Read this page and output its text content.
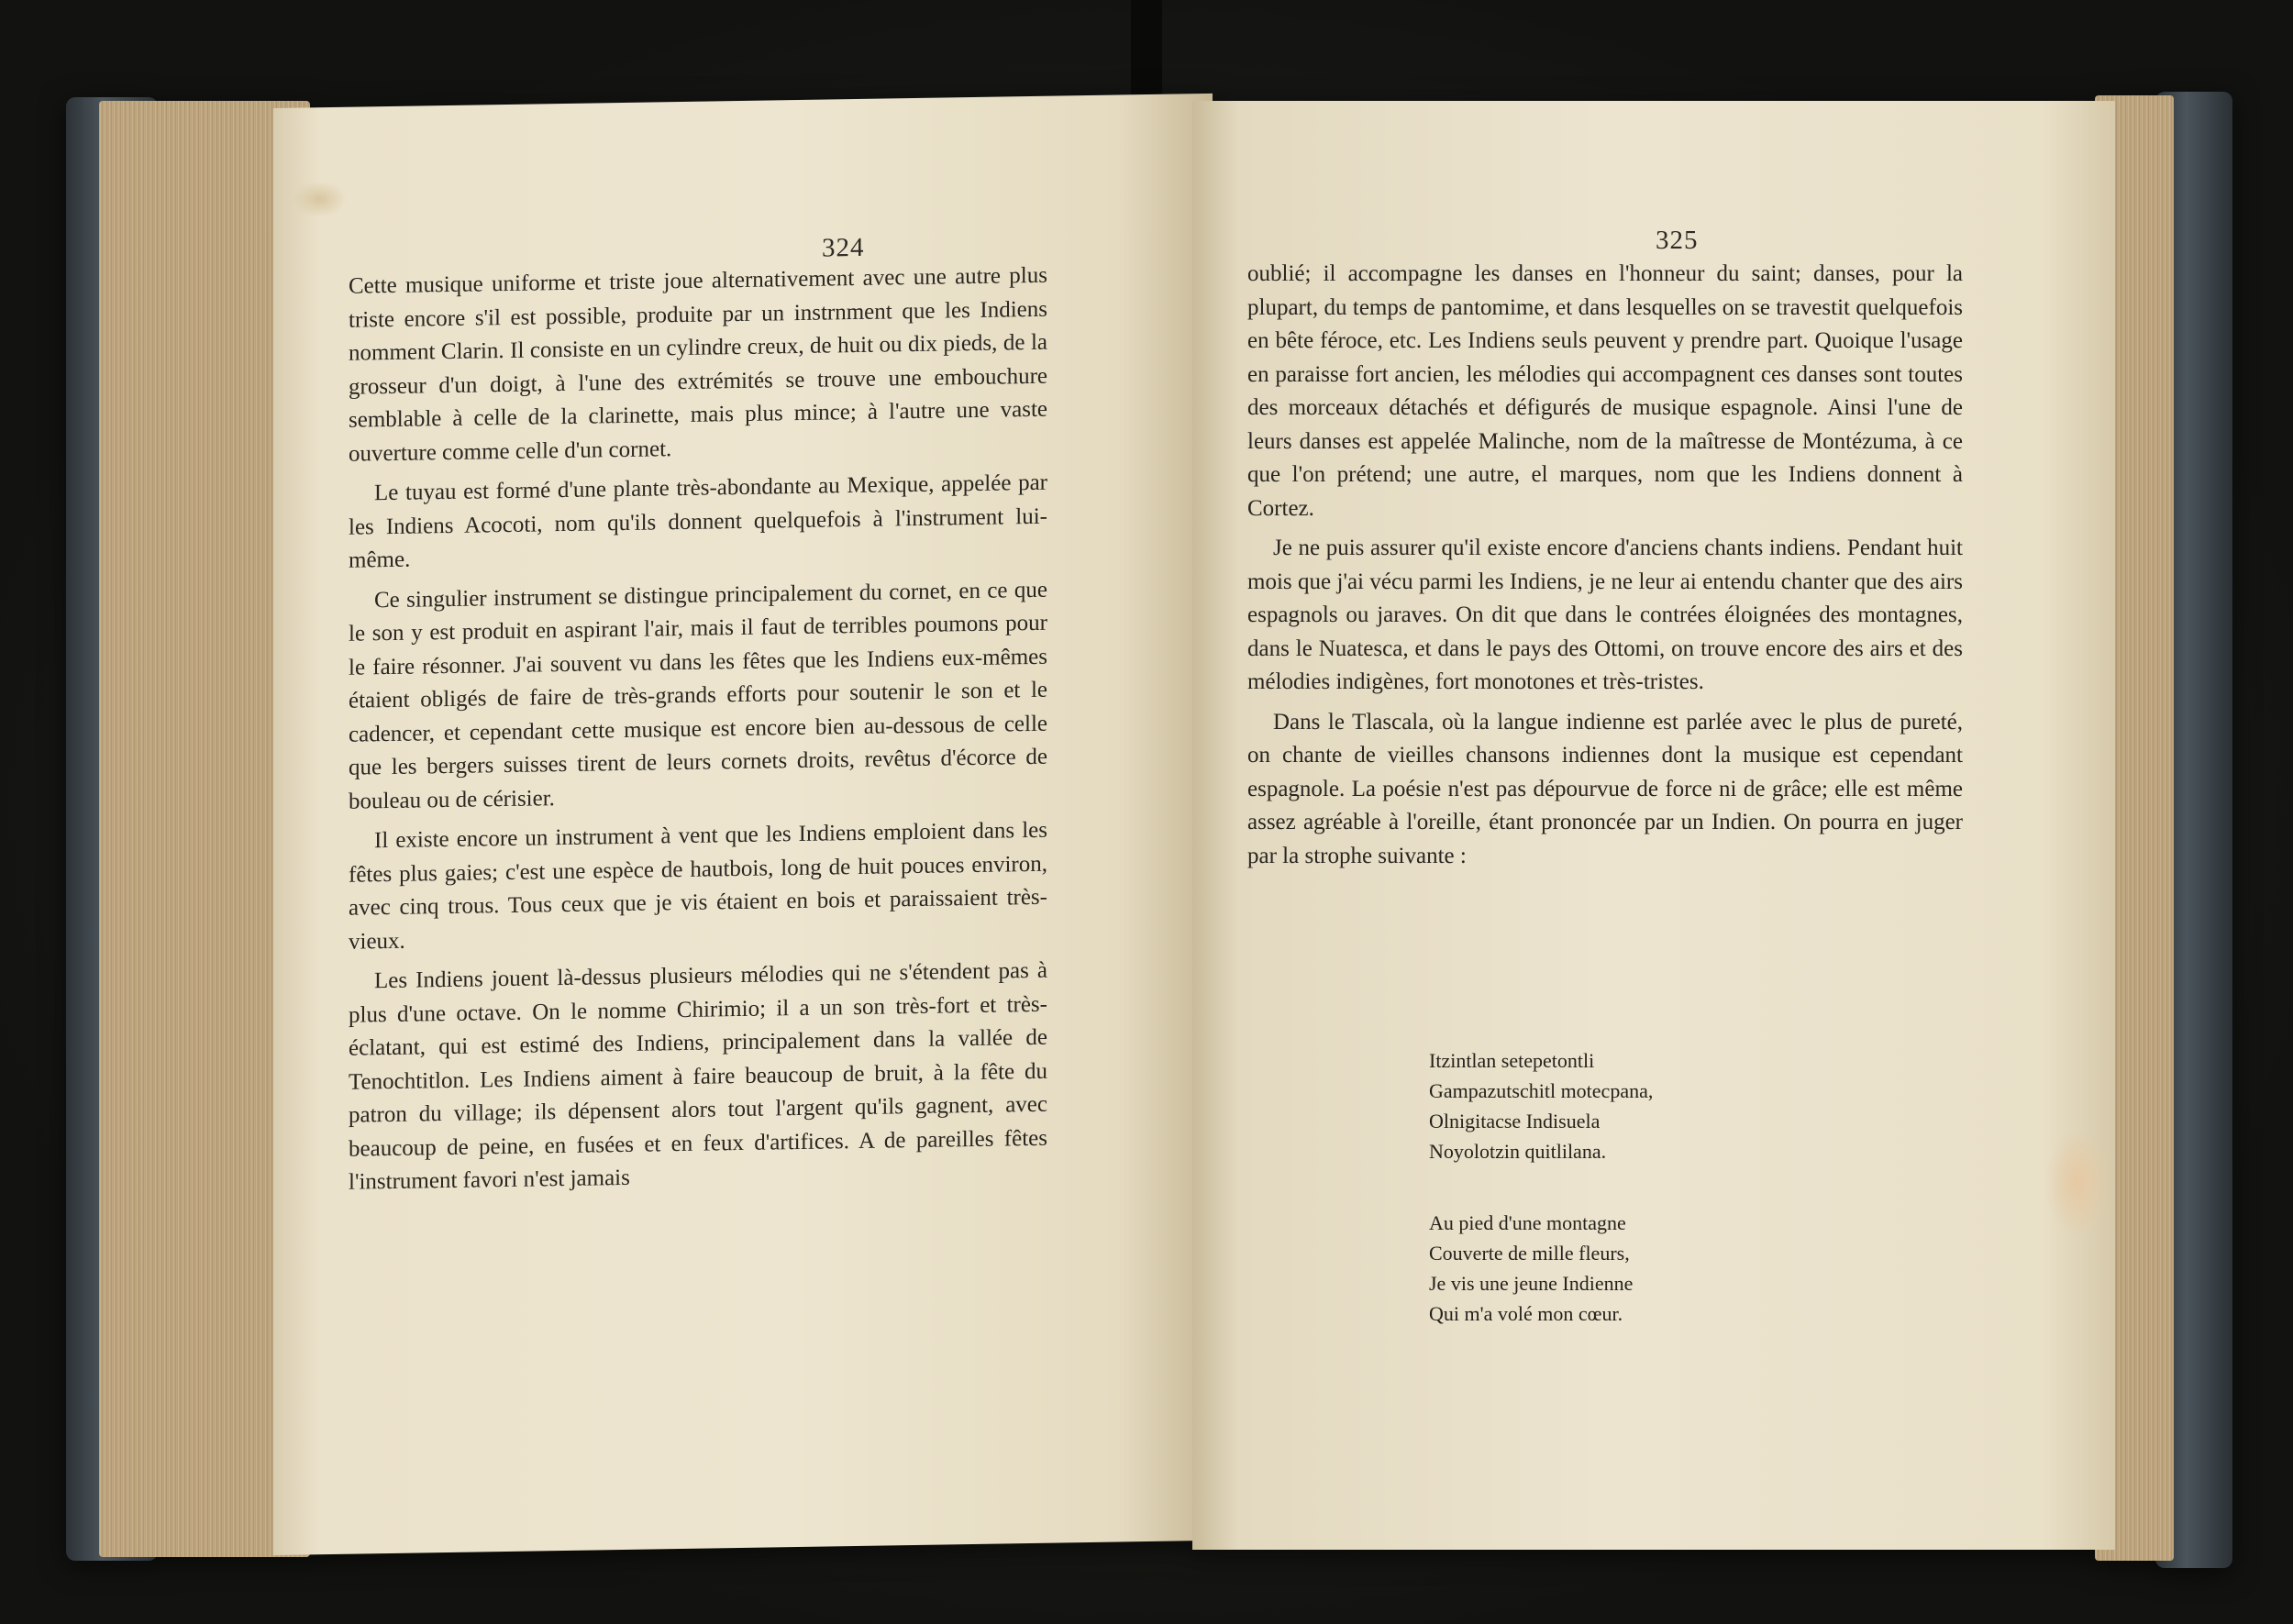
324

Cette musique uniforme et triste joue alternativement avec une autre plus triste encore s'il est possible, produite par un instrnment que les Indiens nomment Clarin. Il consiste en un cylindre creux, de huit ou dix pieds, de la grosseur d'un doigt, à l'une des extrémités se trouve une embouchure semblable à celle de la clarinette, mais plus mince; à l'autre une vaste ouverture comme celle d'un cornet.

Le tuyau est formé d'une plante très-abondante au Mexique, appelée par les Indiens Acocoti, nom qu'ils donnent quelquefois à l'instrument lui-même.

Ce singulier instrument se distingue principalement du cornet, en ce que le son y est produit en aspirant l'air, mais il faut de terribles poumons pour le faire résonner. J'ai souvent vu dans les fêtes que les Indiens eux-mêmes étaient obligés de faire de très-grands efforts pour soutenir le son et le cadencer, et cependant cette musique est encore bien au-dessous de celle que les bergers suisses tirent de leurs cornets droits, revêtus d'écorce de bouleau ou de cérisier.

Il existe encore un instrument à vent que les Indiens emploient dans les fêtes plus gaies; c'est une espèce de hautbois, long de huit pouces environ, avec cinq trous. Tous ceux que je vis étaient en bois et paraissaient très-vieux.

Les Indiens jouent là-dessus plusieurs mélodies qui ne s'étendent pas à plus d'une octave. On le nomme Chirimio; il a un son très-fort et très-éclatant, qui est estimé des Indiens, principalement dans la vallée de Tenochtitlon. Les Indiens aiment à faire beaucoup de bruit, à la fête du patron du village; ils dépensent alors tout l'argent qu'ils gagnent, avec beaucoup de peine, en fusées et en feux d'artifices. A de pareilles fêtes l'instrument favori n'est jamais

325

oublié; il accompagne les danses en l'honneur du saint; danses, pour la plupart, du temps de pantomime, et dans lesquelles on se travestit quelquefois en bête féroce, etc. Les Indiens seuls peuvent y prendre part. Quoique l'usage en paraisse fort ancien, les mélodies qui accompagnent ces danses sont toutes des morceaux détachés et défigurés de musique espagnole. Ainsi l'une de leurs danses est appelée Malinche, nom de la maîtresse de Montézuma, à ce que l'on prétend; une autre, el marques, nom que les Indiens donnent à Cortez.

Je ne puis assurer qu'il existe encore d'anciens chants indiens. Pendant huit mois que j'ai vécu parmi les Indiens, je ne leur ai entendu chanter que des airs espagnols ou jaraves. On dit que dans le contrées éloignées des montagnes, dans le Nuatesca, et dans le pays des Ottomi, on trouve encore des airs et des mélodies indigènes, fort monotones et très-tristes.

Dans le Tlascala, où la langue indienne est parlée avec le plus de pureté, on chante de vieilles chansons indiennes dont la musique est cependant espagnole. La poésie n'est pas dépourvue de force ni de grâce; elle est même assez agréable à l'oreille, étant prononcée par un Indien. On pourra en juger par la strophe suivante :

Itzintlan setepetontli
Gampazutschitl motecpana,
Olnigitacse Indisuela
Noyolotzin quitlilana.
Au pied d'une montagne
Couverte de mille fleurs,
Je vis une jeune Indienne
Qui m'a volé mon cœur.
